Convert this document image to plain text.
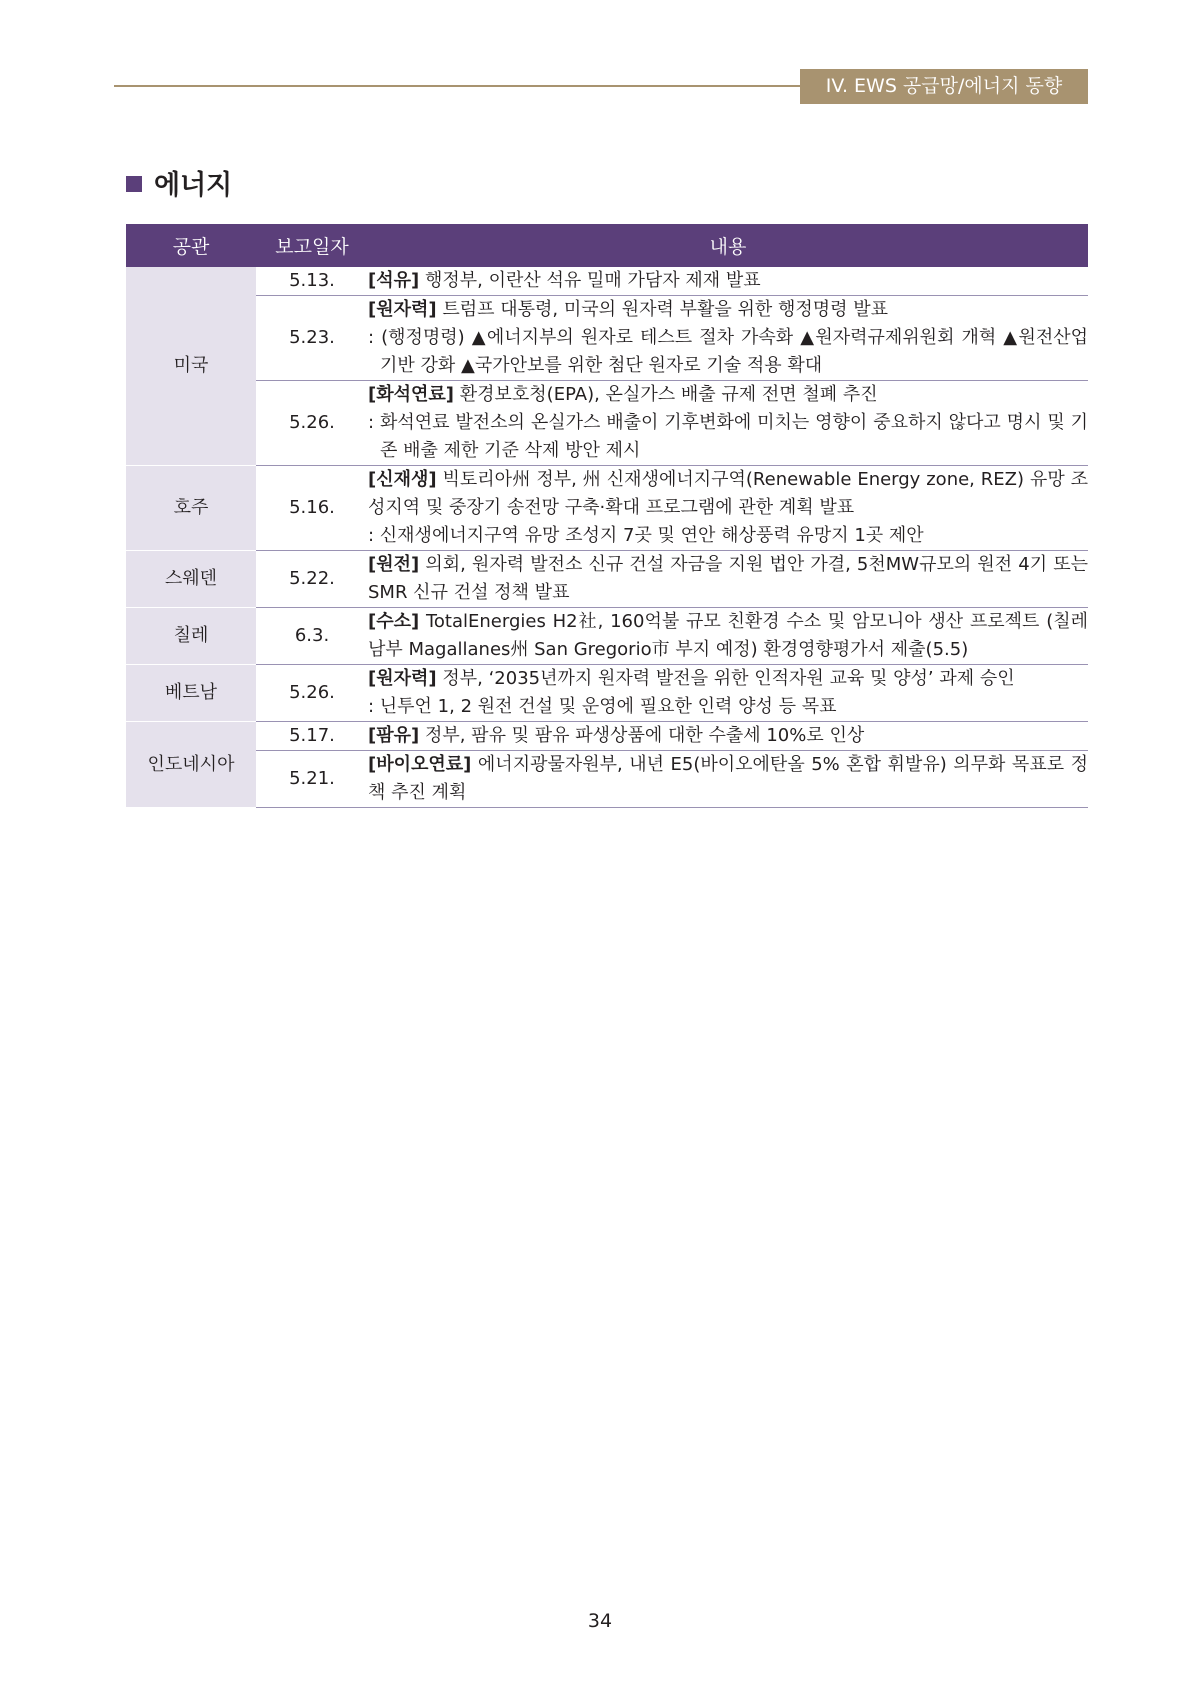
IV. EWS 공급망/에너지 동향
에너지
공관	보고일자	내용
미국	5.13.	[석유] 행정부, 이란산 석유 밀매 가담자 제재 발표

	5.23.	[원자력] 트럼프 대통령, 미국의 원자력 부활을 위한 행정명령 발표
: (행정명령) ▲에너지부의 원자로 테스트 절차 가속화 ▲원자력규제위원회 개혁 ▲원전산업 기반 강화 ▲국가안보를 위한 첨단 원자로 기술 적용 확대

	5.26.	[화석연료] 환경보호청(EPA), 온실가스 배출 규제 전면 철폐 추진
: 화석연료 발전소의 온실가스 배출이 기후변화에 미치는 영향이 중요하지 않다고 명시 및 기존 배출 제한 기준 삭제 방안 제시

호주	5.16.	[신재생] 빅토리아州 정부, 州 신재생에너지구역(Renewable Energy zone, REZ) 유망 조성지역 및 중장기 송전망 구축·확대 프로그램에 관한 계획 발표
: 신재생에너지구역 유망 조성지 7곳 및 연안 해상풍력 유망지 1곳 제안

스웨덴	5.22.	[원전] 의회, 원자력 발전소 신규 건설 자금을 지원 법안 가결, 5천MW규모의 원전 4기 또는 SMR 신규 건설 정책 발표

칠레	6.3.	[수소] TotalEnergies H2社, 160억불 규모 친환경 수소 및 암모니아 생산 프로젝트 (칠레 남부 Magallanes州 San Gregorio市 부지 예정) 환경영향평가서 제출(5.5)

베트남	5.26.	[원자력] 정부, ‘2035년까지 원자력 발전을 위한 인적자원 교육 및 양성’ 과제 승인
: 닌투언 1, 2 원전 건설 및 운영에 필요한 인력 양성 등 목표

인도네시아	5.17.	[팜유] 정부, 팜유 및 팜유 파생상품에 대한 수출세 10%로 인상

	5.21.	[바이오연료] 에너지광물자원부, 내년 E5(바이오에탄올 5% 혼합 휘발유) 의무화 목표로 정책 추진 계획
34
